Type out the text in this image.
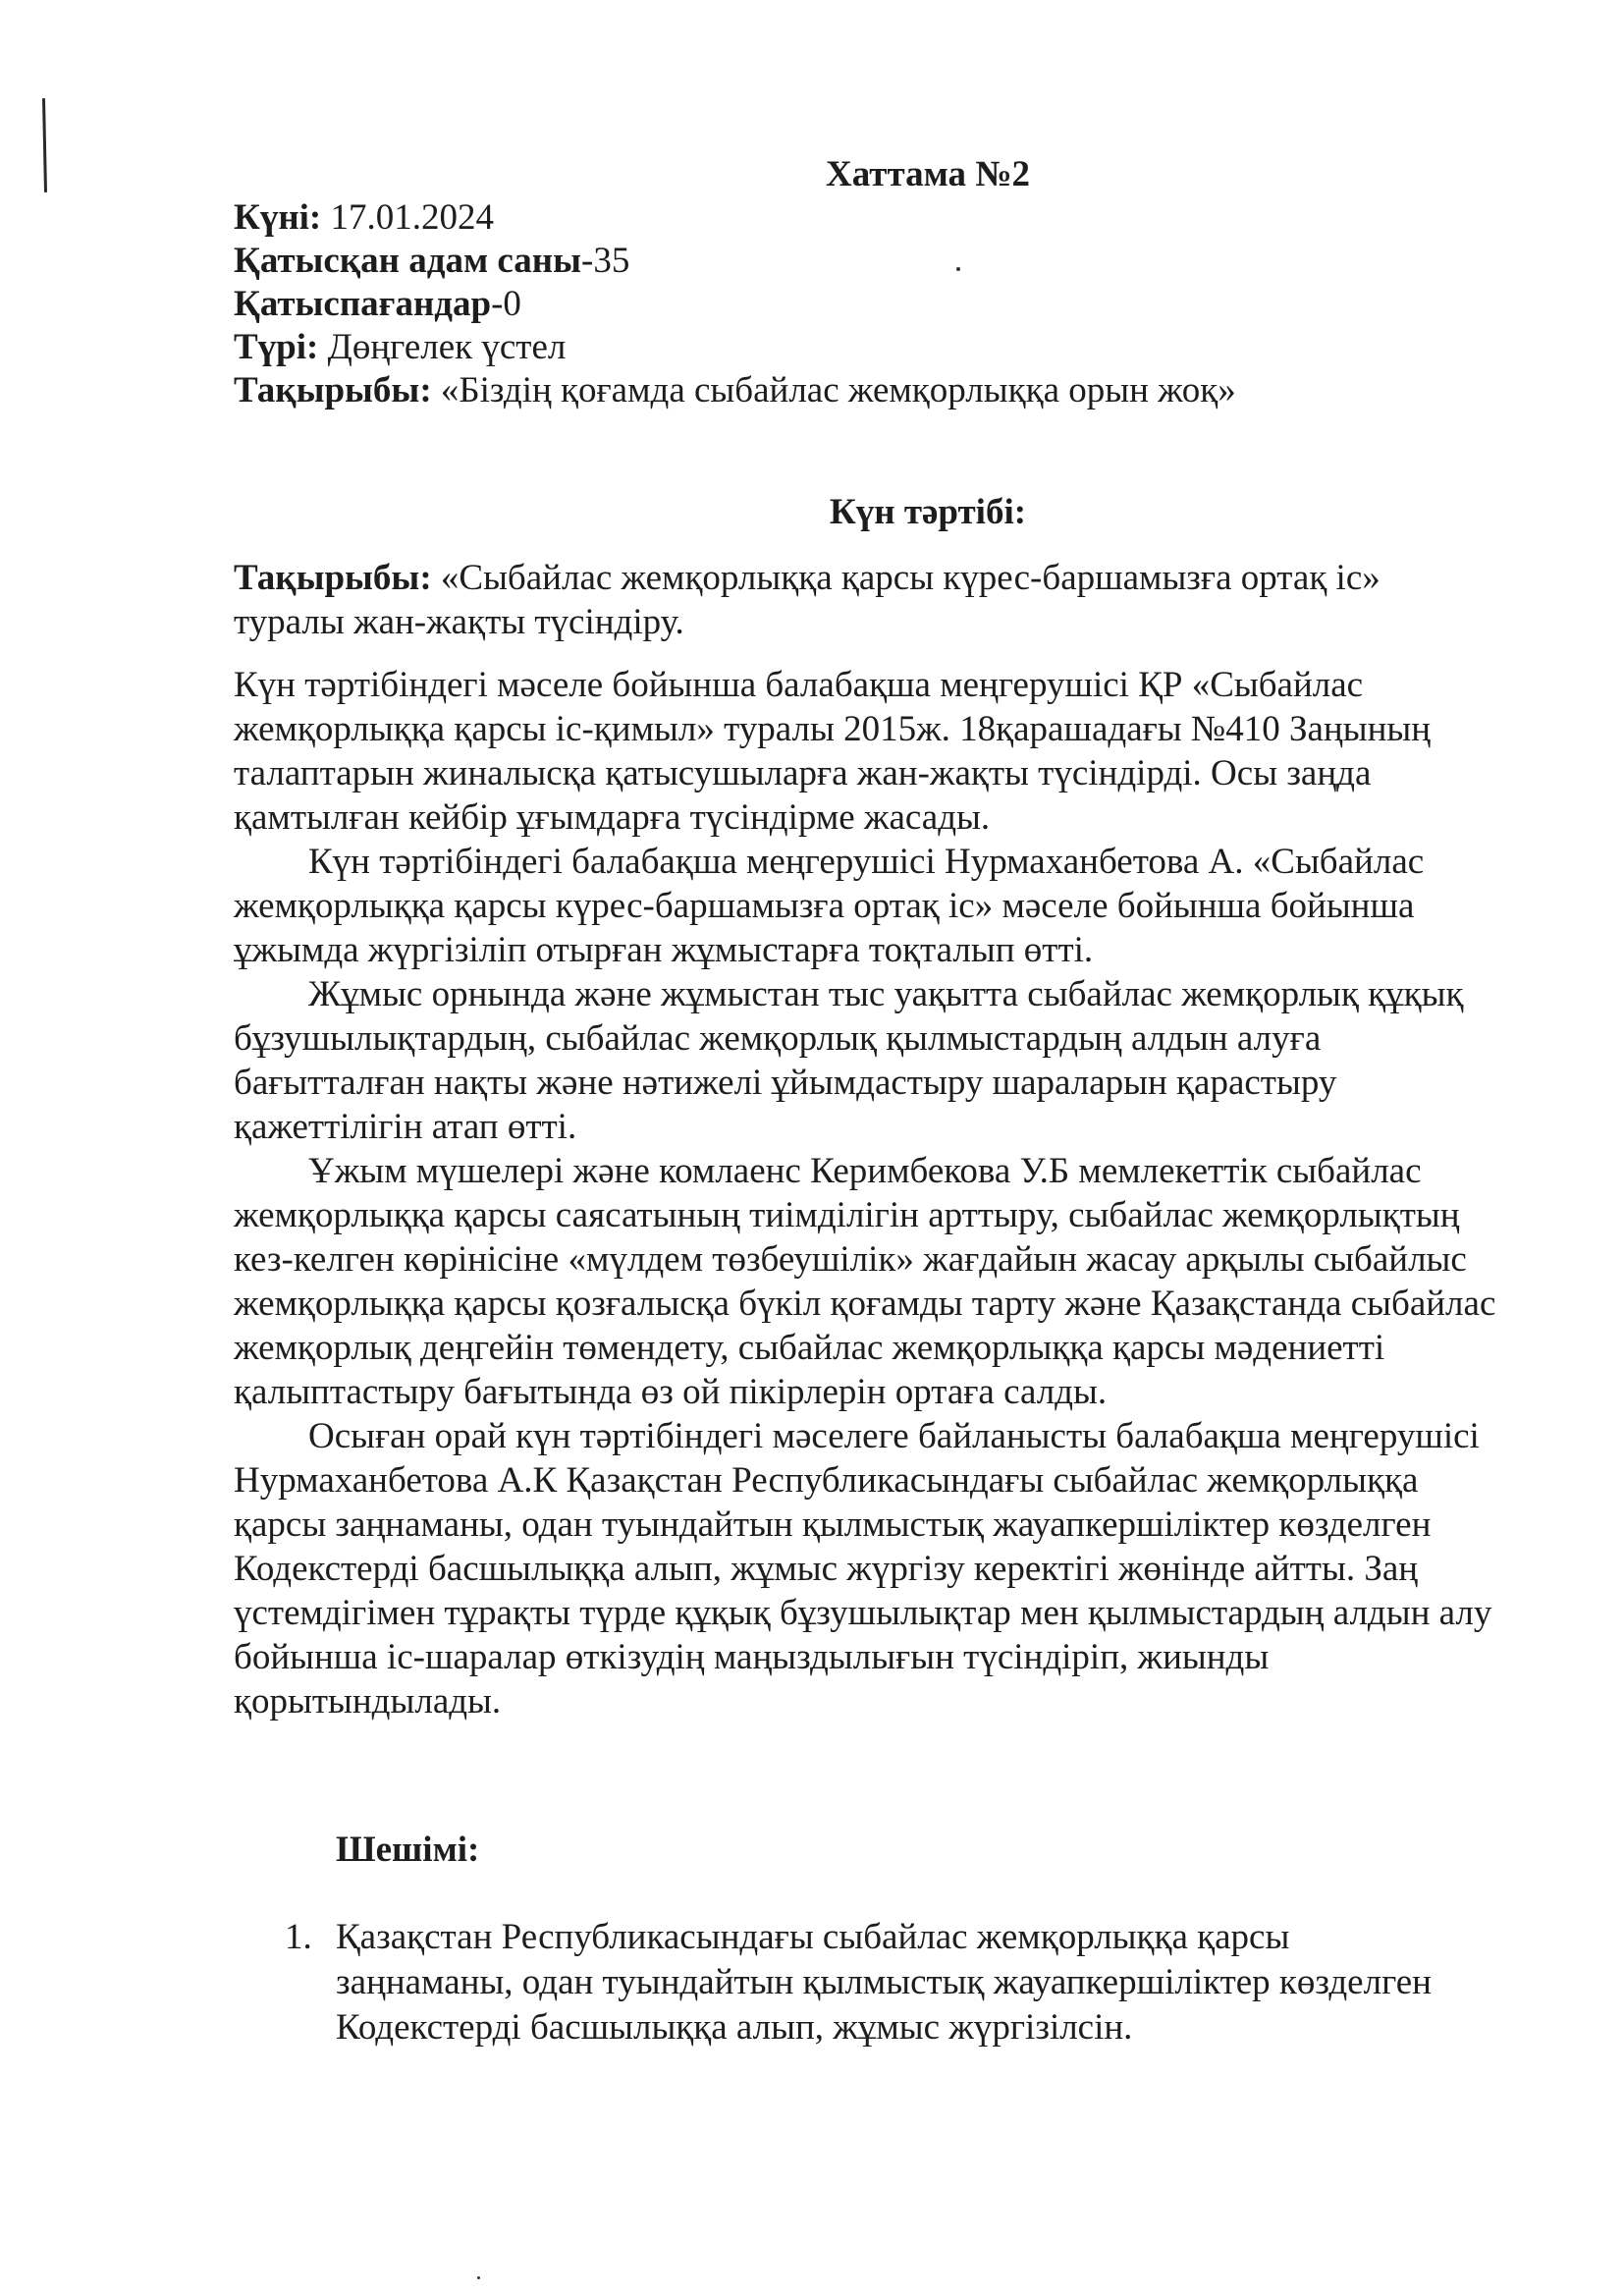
Хаттама №2
Күні: 17.01.2024
Қатысқан адам саны-35
Қатыспағандар-0
Түрі: Дөңгелек үстел
Тақырыбы: «Біздің қоғамда сыбайлас жемқорлыққа орын жоқ»
Күн тәртібі:
Тақырыбы: «Сыбайлас жемқорлыққа қарсы күрес-баршамызға ортақ іс» туралы жан-жақты түсіндіру.

Күн тәртібіндегі мәселе бойынша балабақша меңгерушісі ҚР «Сыбайлас жемқорлыққа қарсы іс-қимыл» туралы 2015ж. 18қарашадағы №410 Заңының талаптарын жиналысқа қатысушыларға жан-жақты түсіндірді. Осы заңда қамтылған кейбір ұғымдарға түсіндірме жасады.

Күн тәртібіндегі балабақша меңгерушісі Нурмаханбетова А. «Сыбайлас жемқорлыққа қарсы күрес-баршамызға ортақ іс» мәселе бойынша бойынша ұжымда жүргізіліп отырған жұмыстарға тоқталып өтті.

Жұмыс орнында және жұмыстан тыс уақытта сыбайлас жемқорлық құқық бұзушылықтардың, сыбайлас жемқорлық қылмыстардың алдын алуға бағытталған нақты және нәтижелі ұйымдастыру шараларын қарастыру қажеттілігін атап өтті.

Ұжым мүшелері және комлаенс Керимбекова У.Б мемлекеттік сыбайлас жемқорлыққа қарсы саясатының тиімділігін арттыру, сыбайлас жемқорлықтың кез-келген көрінісіне «мүлдем төзбеушілік» жағдайын жасау арқылы сыбайлыс жемқорлыққа қарсы қозғалысқа бүкіл қоғамды тарту және Қазақстанда сыбайлас жемқорлық деңгейін төмендету, сыбайлас жемқорлыққа қарсы мәдениетті қалыптастыру бағытында өз ой пікірлерін ортаға салды.

Осыған орай күн тәртібіндегі мәселеге байланысты балабақша меңгерушісі Нурмаханбетова А.К Қазақстан Республикасындағы сыбайлас жемқорлыққа қарсы заңнаманы, одан туындайтын қылмыстық жауапкершіліктер көзделген Кодекстерді басшылыққа алып, жұмыс жүргізу керектігі жөнінде айтты. Заң үстемдігімен тұрақты түрде құқық бұзушылықтар мен қылмыстардың алдын алу бойынша іс-шаралар өткізудің маңыздылығын түсіндіріп, жиынды қорытындылады.

Шешімі:
1. Қазақстан Республикасындағы сыбайлас жемқорлыққа қарсы заңнаманы, одан туындайтын қылмыстық жауапкершіліктер көзделген Кодекстерді басшылыққа алып, жұмыс жүргізілсін.
